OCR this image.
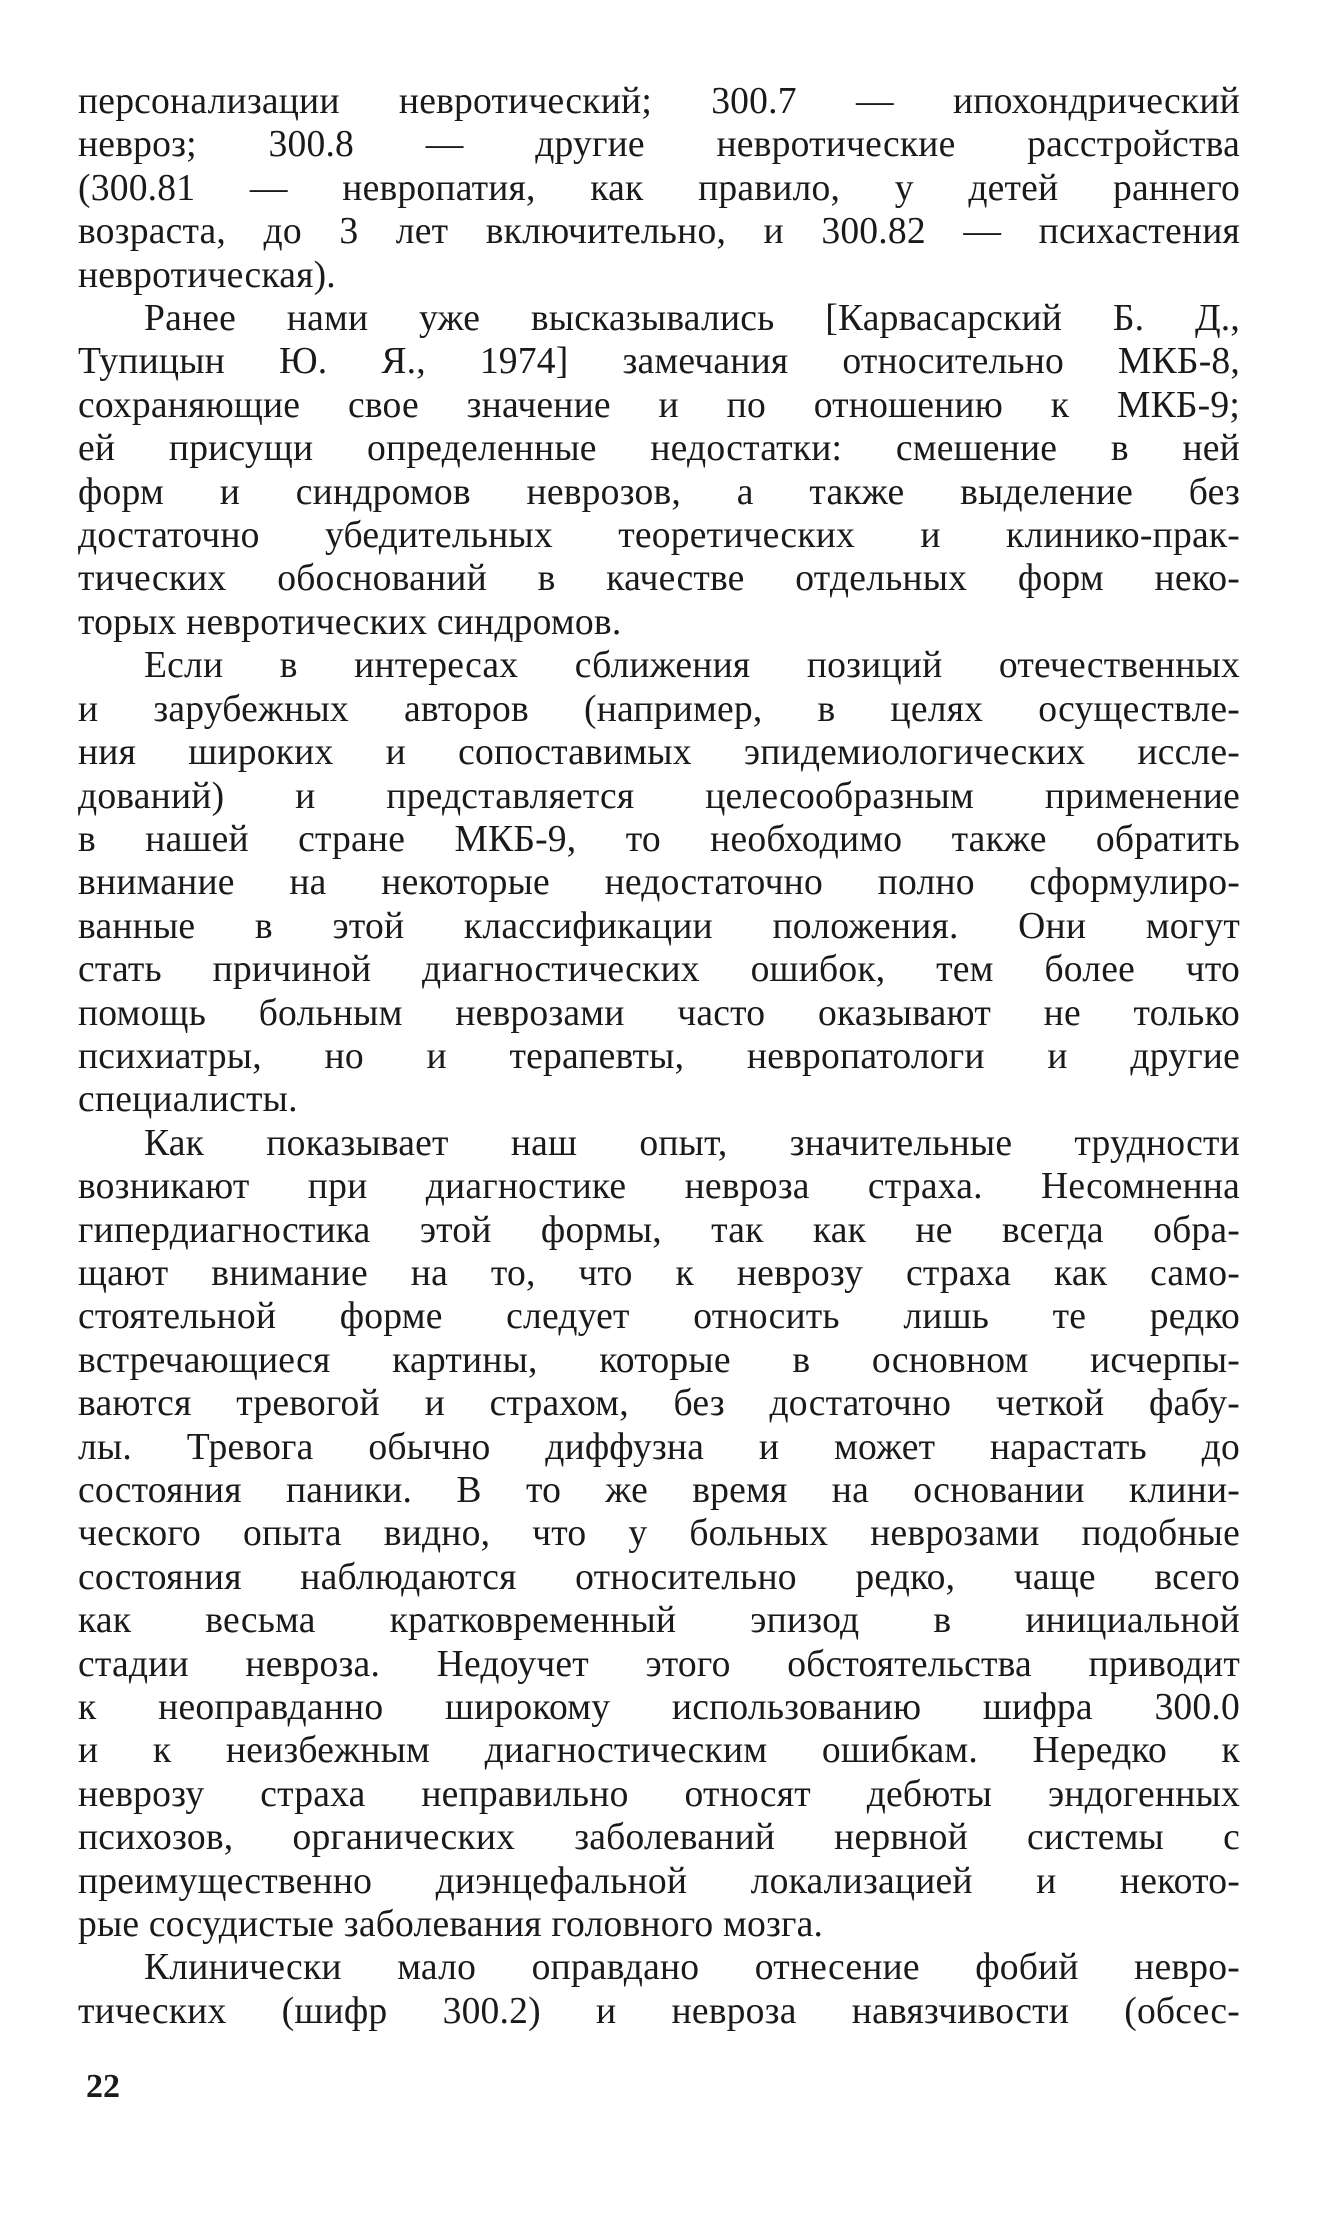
персонализации невротический; 300.7 — ипохондрический
невроз; 300.8 — другие невротические расстройства
(300.81 — невропатия, как правило, у детей раннего
возраста, до 3 лет включительно, и 300.82 — психастения
невротическая).
Ранее нами уже высказывались [Карвасарский Б. Д.,
Тупицын Ю. Я., 1974] замечания относительно МКБ-8,
сохраняющие свое значение и по отношению к МКБ-9;
ей присущи определенные недостатки: смешение в ней
форм и синдромов неврозов, а также выделение без
достаточно убедительных теоретических и клинико-прак-
тических обоснований в качестве отдельных форм неко-
торых невротических синдромов.
Если в интересах сближения позиций отечественных
и зарубежных авторов (например, в целях осуществле-
ния широких и сопоставимых эпидемиологических иссле-
дований) и представляется целесообразным применение
в нашей стране МКБ-9, то необходимо также обратить
внимание на некоторые недостаточно полно сформулиро-
ванные в этой классификации положения. Они могут
стать причиной диагностических ошибок, тем более что
помощь больным неврозами часто оказывают не только
психиатры, но и терапевты, невропатологи и другие
специалисты.
Как показывает наш опыт, значительные трудности
возникают при диагностике невроза страха. Несомненна
гипердиагностика этой формы, так как не всегда обра-
щают внимание на то, что к неврозу страха как само-
стоятельной форме следует относить лишь те редко
встречающиеся картины, которые в основном исчерпы-
ваются тревогой и страхом, без достаточно четкой фабу-
лы. Тревога обычно диффузна и может нарастать до
состояния паники. В то же время на основании клини-
ческого опыта видно, что у больных неврозами подобные
состояния наблюдаются относительно редко, чаще всего
как весьма кратковременный эпизод в инициальной
стадии невроза. Недоучет этого обстоятельства приводит
к неоправданно широкому использованию шифра 300.0
и к неизбежным диагностическим ошибкам. Нередко к
неврозу страха неправильно относят дебюты эндогенных
психозов, органических заболеваний нервной системы с
преимущественно диэнцефальной локализацией и некото-
рые сосудистые заболевания головного мозга.
Клинически мало оправдано отнесение фобий невро-
тических (шифр 300.2) и невроза навязчивости (обсес-
22
